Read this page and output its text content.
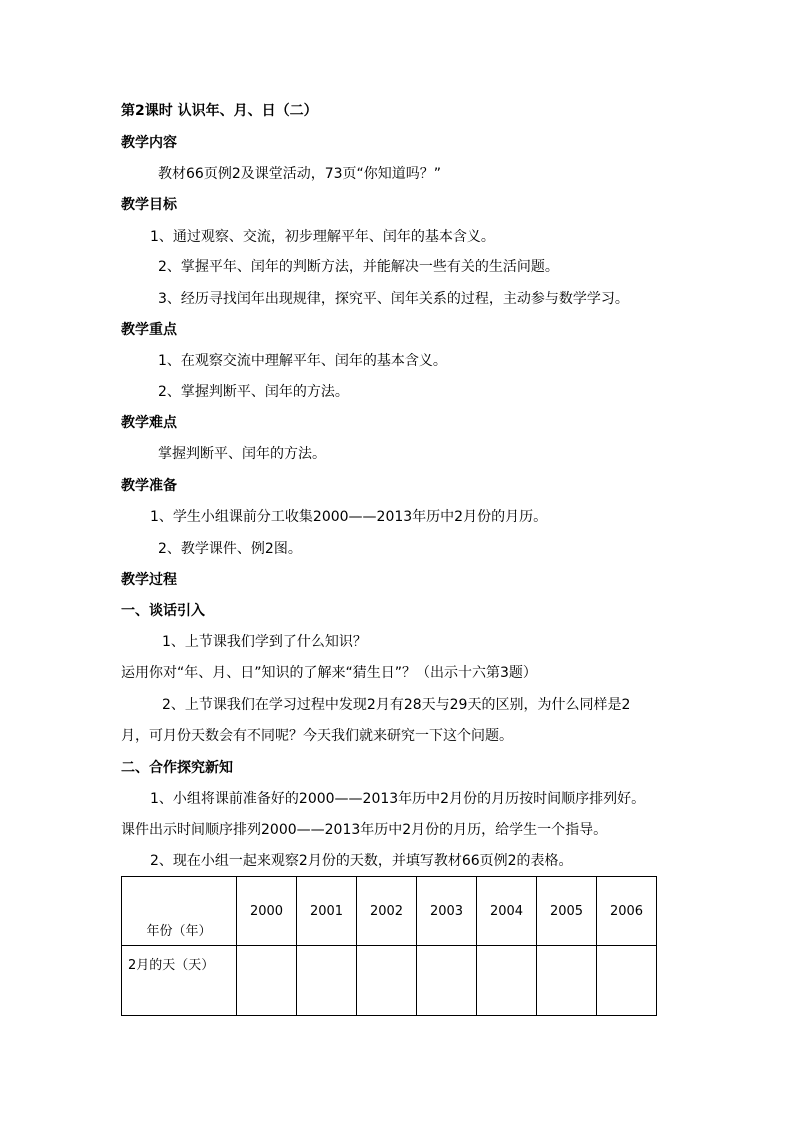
第2课时 认识年、月、日（二）
教学内容
教材66页例2及课堂活动，73页“你知道吗？”
教学目标
1、通过观察、交流，初步理解平年、闰年的基本含义。
2、掌握平年、闰年的判断方法，并能解决一些有关的生活问题。
3、经历寻找闰年出现规律，探究平、闰年关系的过程，主动参与数学学习。
教学重点
1、在观察交流中理解平年、闰年的基本含义。
2、掌握判断平、闰年的方法。
教学难点
掌握判断平、闰年的方法。
教学准备
1、学生小组课前分工收集2000——2013年历中2月份的月历。
2、教学课件、例2图。
教学过程
一、谈话引入
1、上节课我们学到了什么知识？
运用你对“年、月、日”知识的了解来“猜生日”？（出示十六第3题）
2、上节课我们在学习过程中发现2月有28天与29天的区别，为什么同样是2
月，可月份天数会有不同呢？今天我们就来研究一下这个问题。
二、合作探究新知
1、小组将课前准备好的2000——2013年历中2月份的月历按时间顺序排列好。
课件出示时间顺序排列2000——2013年历中2月份的月历，给学生一个指导。
2、现在小组一起来观察2月份的天数，并填写教材66页例2的表格。
年份（年）	2000	2001	2002	2003	2004	2005	2006
2月的天（天）							
